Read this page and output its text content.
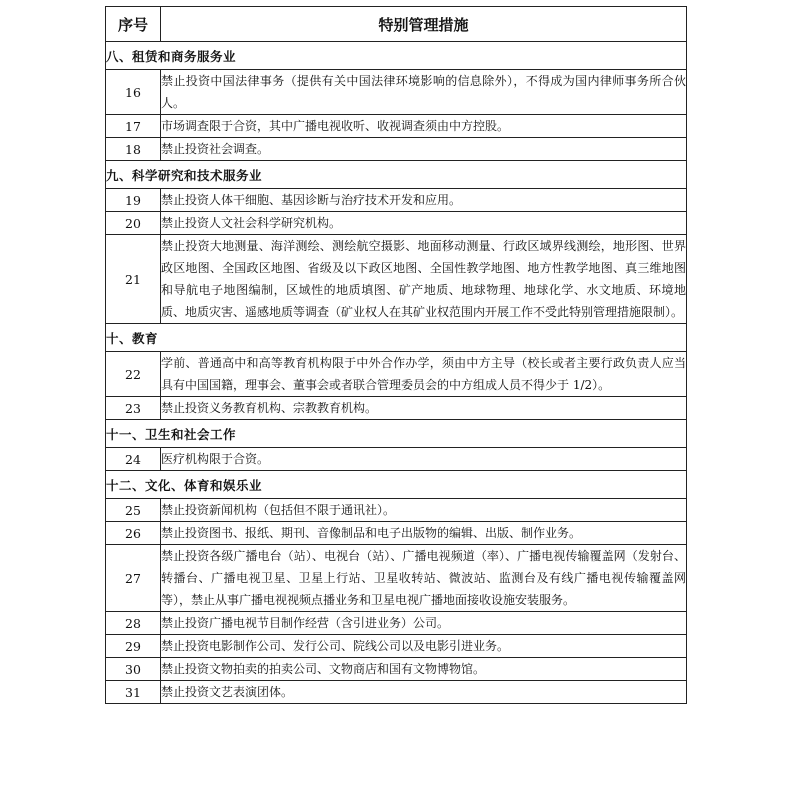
序号	特别管理措施
八、租赁和商务服务业	
16	禁止投资中国法律事务（提供有关中国法律环境影响的信息除外），不得成为国内律师事务所合伙人。
17	市场调查限于合资，其中广播电视收听、收视调查须由中方控股。
18	禁止投资社会调查。
九、科学研究和技术服务业	
19	禁止投资人体干细胞、基因诊断与治疗技术开发和应用。
20	禁止投资人文社会科学研究机构。
21	禁止投资大地测量、海洋测绘、测绘航空摄影、地面移动测量、行政区域界线测绘，地形图、世界政区地图、全国政区地图、省级及以下政区地图、全国性教学地图、地方性教学地图、真三维地图和导航电子地图编制，区域性的地质填图、矿产地质、地球物理、地球化学、水文地质、环境地质、地质灾害、遥感地质等调查（矿业权人在其矿业权范围内开展工作不受此特别管理措施限制）。
十、教育	
22	学前、普通高中和高等教育机构限于中外合作办学，须由中方主导（校长或者主要行政负责人应当具有中国国籍，理事会、董事会或者联合管理委员会的中方组成人员不得少于 1/2）。
23	禁止投资义务教育机构、宗教教育机构。
十一、卫生和社会工作	
24	医疗机构限于合资。
十二、文化、体育和娱乐业	
25	禁止投资新闻机构（包括但不限于通讯社）。
26	禁止投资图书、报纸、期刊、音像制品和电子出版物的编辑、出版、制作业务。
27	禁止投资各级广播电台（站）、电视台（站）、广播电视频道（率）、广播电视传输覆盖网（发射台、转播台、广播电视卫星、卫星上行站、卫星收转站、微波站、监测台及有线广播电视传输覆盖网等），禁止从事广播电视视频点播业务和卫星电视广播地面接收设施安装服务。
28	禁止投资广播电视节目制作经营（含引进业务）公司。
29	禁止投资电影制作公司、发行公司、院线公司以及电影引进业务。
30	禁止投资文物拍卖的拍卖公司、文物商店和国有文物博物馆。
31	禁止投资文艺表演团体。
